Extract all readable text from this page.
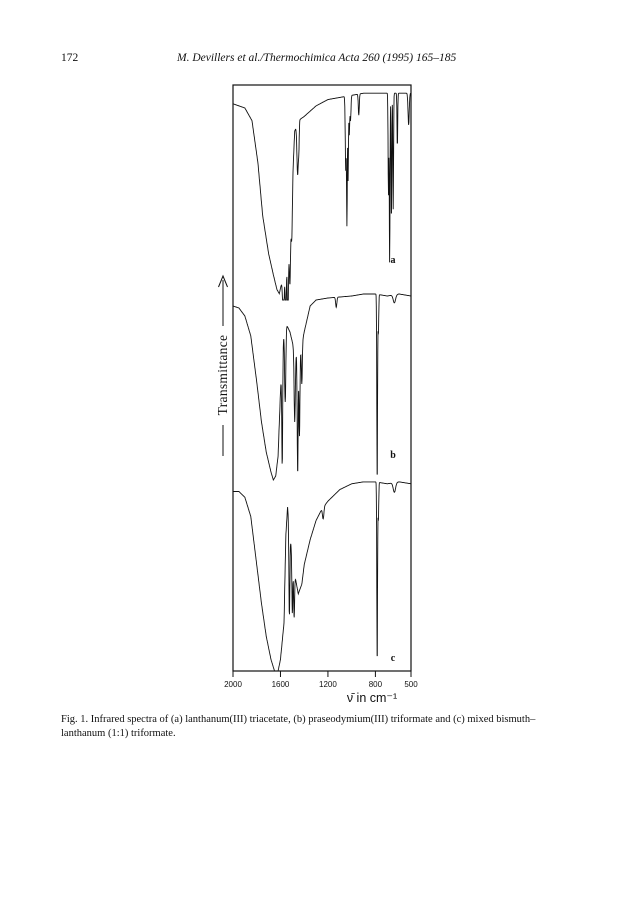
172	M. Devillers et al./Thermochimica Acta 260 (1995) 165–185
2000	1600	1200	800	500
a
b
c
ν̄ in cm⁻¹
Transmittance
Fig. 1. Infrared spectra of (a) lanthanum(III) triacetate, (b) praseodymium(III) triformate and (c) mixed bismuth–lanthanum (1:1) triformate.
